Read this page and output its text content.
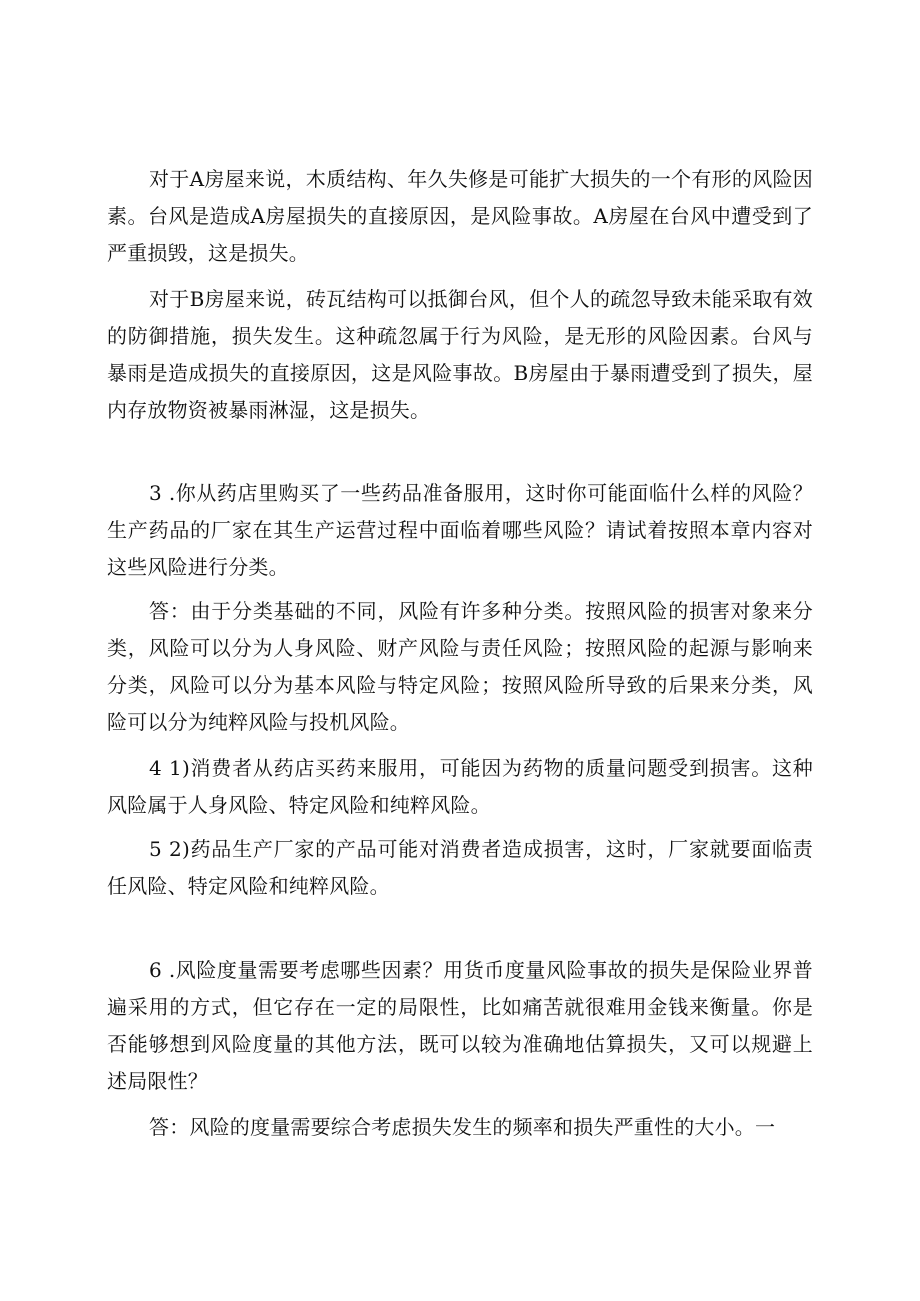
对于A房屋来说，木质结构、年久失修是可能扩大损失的一个有形的风险因素。台风是造成A房屋损失的直接原因，是风险事故。A房屋在台风中遭受到了严重损毁，这是损失。

对于B房屋来说，砖瓦结构可以抵御台风，但个人的疏忽导致未能采取有效的防御措施，损失发生。这种疏忽属于行为风险，是无形的风险因素。台风与暴雨是造成损失的直接原因，这是风险事故。B房屋由于暴雨遭受到了损失，屋内存放物资被暴雨淋湿，这是损失。

3 .你从药店里购买了一些药品准备服用，这时你可能面临什么样的风险？生产药品的厂家在其生产运营过程中面临着哪些风险？请试着按照本章内容对这些风险进行分类。

答：由于分类基础的不同，风险有许多种分类。按照风险的损害对象来分类，风险可以分为人身风险、财产风险与责任风险；按照风险的起源与影响来分类，风险可以分为基本风险与特定风险；按照风险所导致的后果来分类，风险可以分为纯粹风险与投机风险。

4 1)消费者从药店买药来服用，可能因为药物的质量问题受到损害。这种风险属于人身风险、特定风险和纯粹风险。

5 2)药品生产厂家的产品可能对消费者造成损害，这时，厂家就要面临责任风险、特定风险和纯粹风险。

6 .风险度量需要考虑哪些因素？用货币度量风险事故的损失是保险业界普遍采用的方式，但它存在一定的局限性，比如痛苦就很难用金钱来衡量。你是否能够想到风险度量的其他方法，既可以较为准确地估算损失，又可以规避上述局限性？

答：风险的度量需要综合考虑损失发生的频率和损失严重性的大小。一
